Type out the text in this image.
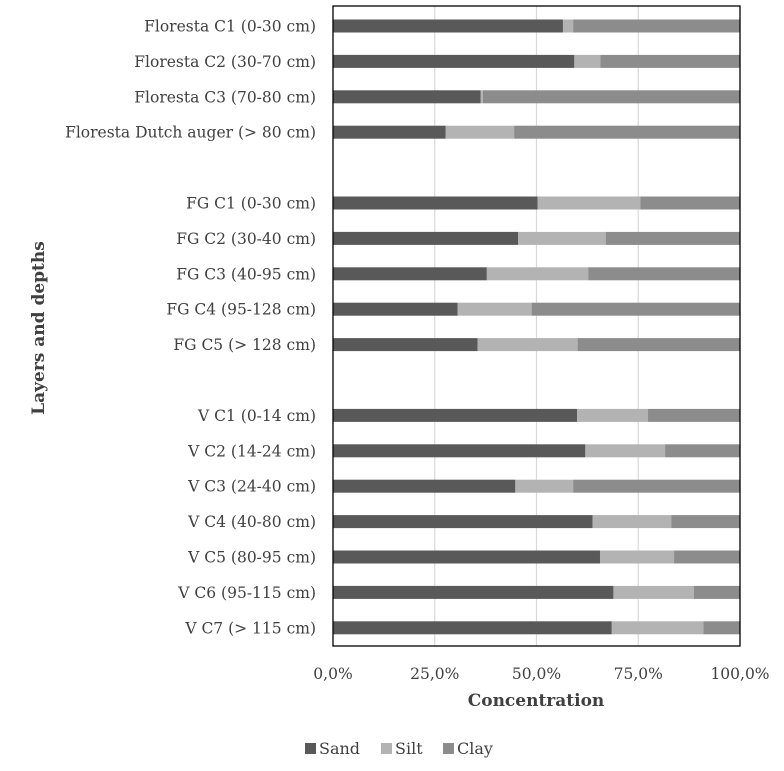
Floresta C1 (0-30 cm)
Floresta C2 (30-70 cm)
Floresta C3 (70-80 cm)
Floresta Dutch auger (> 80 cm)
FG C1 (0-30 cm)
FG C2 (30-40 cm)
FG C3 (40-95 cm)
FG C4 (95-128 cm)
FG C5 (> 128 cm)
V C1 (0-14 cm)
V C2 (14-24 cm)
V C3 (24-40 cm)
V C4 (40-80 cm)
V C5 (80-95 cm)
V C6 (95-115 cm)
V C7 (> 115 cm)
0,0%	25,0%	50,0%	75,0%	100,0%
Concentration
Layers and depths
Sand Silt Clay
